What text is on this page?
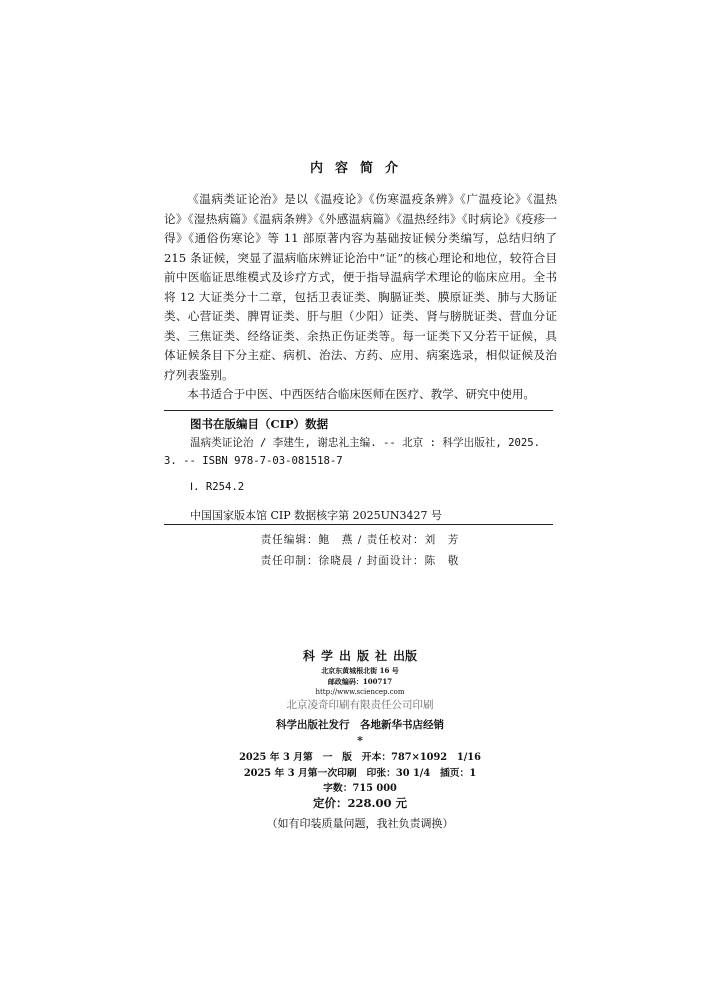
内容简介

《温病类证论治》是以《温疫论》《伤寒温疫条辨》《广温疫论》《温热论》《湿热病篇》《温病条辨》《外感温病篇》《温热经纬》《时病论》《疫疹一得》《通俗伤寒论》等 11 部原著内容为基础按证候分类编写，总结归纳了 215 条证候，突显了温病临床辨证论治中“证”的核心理论和地位，较符合目前中医临证思维模式及诊疗方式，便于指导温病学术理论的临床应用。全书将 12 大证类分十二章，包括卫表证类、胸膈证类、膜原证类、肺与大肠证类、心营证类、脾胃证类、肝与胆（少阳）证类、肾与膀胱证类、营血分证类、三焦证类、经络证类、余热正伤证类等。每一证类下又分若干证候，具体证候条目下分主症、病机、治法、方药、应用、病案选录，相似证候及治疗列表鉴别。

本书适合于中医、中西医结合临床医师在医疗、教学、研究中使用。

图书在版编目（CIP）数据
温病类证论治 / 李建生, 谢忠礼主编. -- 北京 : 科学出版社, 2025. 3. -- ISBN 978-7-03-081518-7
Ⅰ. R254.2
中国国家版本馆 CIP 数据核字第 2025UN3427 号
责任编辑：鲍　燕 / 责任校对：刘　芳
责任印制：徐晓晨 / 封面设计：陈　敬
科学出版社出版
北京东黄城根北街 16 号
邮政编码：100717
http://www.sciencep.com
北京凌奇印刷有限责任公司印刷
科学出版社发行　各地新华书店经销
*
2025 年 3 月第　一　版　开本：787×1092　1/16
2025 年 3 月第一次印刷　印张：30 1/4　插页：1
字数：715 000
定价：228.00 元
（如有印装质量问题，我社负责调换）
